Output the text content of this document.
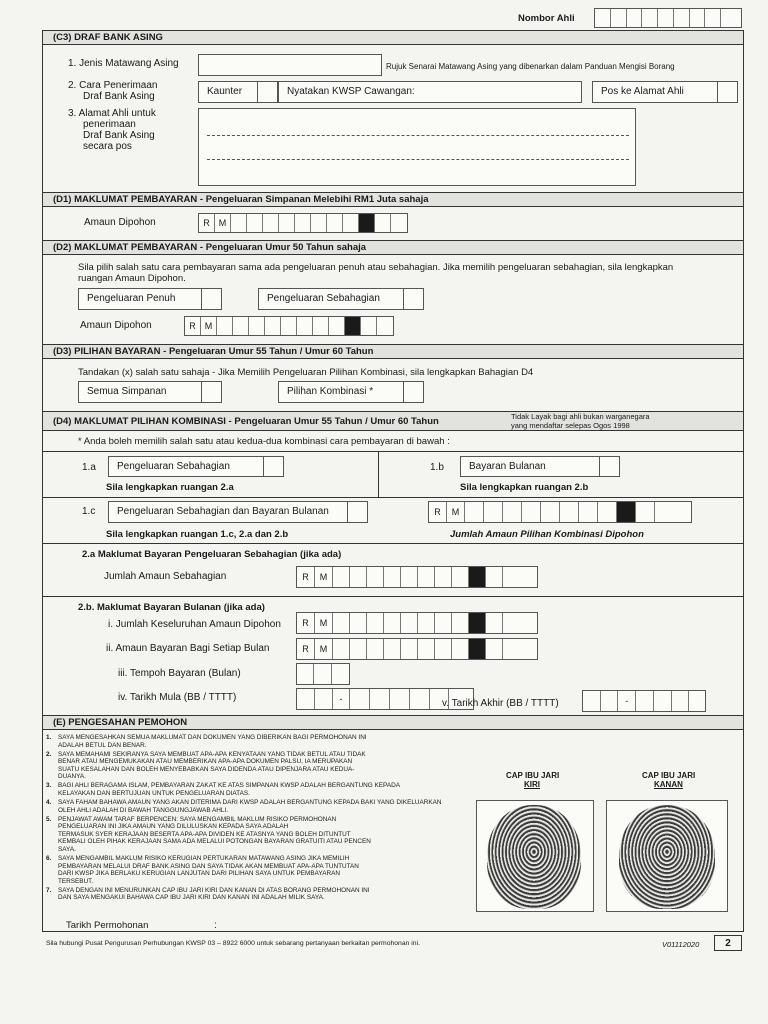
Nombor Ahli
(C3) DRAF BANK ASING
1. Jenis Matawang Asing	Rujuk Senarai Matawang Asing yang dibenarkan dalam Panduan Mengisi Borang
2. Cara Penerimaan
Draf Bank Asing	Kaunter	Nyatakan KWSP Cawangan:	Pos ke Alamat Ahli
3. Alamat Ahli untuk
penerimaan
Draf Bank Asing
secara pos
(D1) MAKLUMAT PEMBAYARAN - Pengeluaran Simpanan Melebihi RM1 Juta sahaja
Amaun Dipohon	R	M
(D2) MAKLUMAT PEMBAYARAN - Pengeluaran Umur 50 Tahun sahaja
Sila pilih salah satu cara pembayaran sama ada pengeluaran penuh atau sebahagian. Jika memilih pengeluaran sebahagian, sila lengkapkan
ruangan Amaun Dipohon.
Pengeluaran Penuh	Pengeluaran Sebahagian
Amaun Dipohon	R	M
(D3) PILIHAN BAYARAN - Pengeluaran Umur 55 Tahun / Umur 60 Tahun
Tandakan (x) salah satu sahaja - Jika Memilih Pengeluaran Pilihan Kombinasi, sila lengkapkan Bahagian D4
Semua Simpanan	Pilihan Kombinasi *
(D4) MAKLUMAT PILIHAN KOMBINASI - Pengeluaran Umur 55 Tahun / Umur 60 Tahun	Tidak Layak bagi ahli bukan warganegara
yang mendaftar selepas Ogos 1998
* Anda boleh memilih salah satu atau kedua-dua kombinasi cara pembayaran di bawah :
1.a	Pengeluaran Sebahagian
Sila lengkapkan ruangan 2.a
1.b	Bayaran Bulanan
Sila lengkapkan ruangan 2.b
1.c	Pengeluaran Sebahagian dan Bayaran Bulanan
Sila lengkapkan ruangan 1.c, 2.a dan 2.b
R	M
Jumlah Amaun Pilihan Kombinasi Dipohon
2.a Maklumat Bayaran Pengeluaran Sebahagian (jika ada)
Jumlah Amaun Sebahagian	R	M
2.b. Maklumat Bayaran Bulanan (jika ada)
i. Jumlah Keseluruhan Amaun Dipohon	R	M
ii. Amaun Bayaran Bagi Setiap Bulan	R	M
iii. Tempoh Bayaran (Bulan)
iv. Tarikh Mula (BB / TTTT)	-	v. Tarikh Akhir (BB / TTTT)	-
(E) PENGESAHAN PEMOHON
1. SAYA MENGESAHKAN SEMUA MAKLUMAT DAN DOKUMEN YANG DIBERIKAN BAGI PERMOHONAN INI
ADALAH BETUL DAN BENAR.
2. SAYA MEMAHAMI SEKIRANYA SAYA MEMBUAT APA-APA KENYATAAN YANG TIDAK BETUL ATAU TIDAK
BENAR ATAU MENGEMUKAKAN ATAU MEMBERIKAN APA-APA DOKUMEN PALSU, IA MERUPAKAN
SUATU KESALAHAN DAN BOLEH MENYEBABKAN SAYA DIDENDA ATAU DIPENJARA ATAU KEDUA-
DUANYA.
3. BAGI AHLI BERAGAMA ISLAM, PEMBAYARAN ZAKAT KE ATAS SIMPANAN KWSP ADALAH BERGANTUNG KEPADA
KELAYAKAN DAN BERTUJUAN UNTUK PENGELUARAN DIATAS.
4. SAYA FAHAM BAHAWA AMAUN YANG AKAN DITERIMA DARI KWSP ADALAH BERGANTUNG KEPADA BAKI YANG DIKELUARKAN
OLEH AHLI ADALAH DI BAWAH TANGGUNGJAWAB AHLI.
5. PENJAWAT AWAM TARAF BERPENCEN: SAYA MENGAMBIL MAKLUM RISIKO PERMOHONAN
PENGELUARAN INI JIKA AMAUN YANG DILULUSKAN KEPADA SAYA ADALAH
TERMASUK SYER KERAJAAN BESERTA APA-APA DIVIDEN KE ATASNYA YANG BOLEH DITUNTUT
KEMBALI OLEH PIHAK KERAJAAN SAMA ADA MELALUI POTONGAN BAYARAN GRATUITI ATAU PENCEN
SAYA.
6. SAYA MENGAMBIL MAKLUM RISIKO KERUGIAN PERTUKARAN MATAWANG ASING JIKA MEMILIH
PEMBAYARAN MELALUI DRAF BANK ASING DAN SAYA TIDAK AKAN MEMBUAT APA-APA TUNTUTAN
DARI KWSP JIKA BERLAKU KERUGIAN LANJUTAN DARI PILIHAN SAYA UNTUK PEMBAYARAN
TERSEBUT.
7. SAYA DENGAN INI MENURUNKAN CAP IBU JARI KIRI DAN KANAN DI ATAS BORANG PERMOHONAN INI
DAN SAYA MENGAKUI BAHAWA CAP IBU JARI KIRI DAN KANAN INI ADALAH MILIK SAYA.
CAP IBU JARI
KIRI
CAP IBU JARI
KANAN
Tarikh Permohonan	:
Sila hubungi Pusat Pengurusan Perhubungan KWSP 03 – 8922 6000 untuk sebarang pertanyaan berkaitan permohonan ini.	V01112020	2
